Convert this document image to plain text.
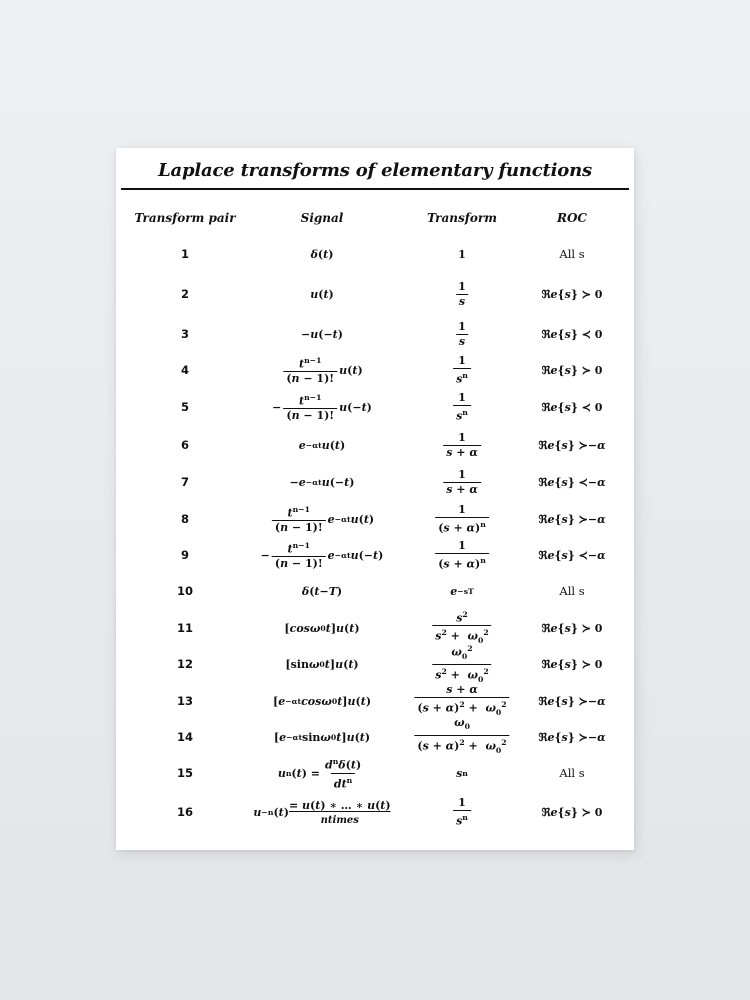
Laplace transforms of elementary functions
Transform pair	Signal	Transform	ROC
1	δ ( t )	1	All s
2	u ( t )	$\frac{1}{s}$	ℜ e { s } ≻ 0
3	− u (− t )	$\frac{1}{s}$	ℜ e { s } ≺ 0
4	$\frac{t^{n-1}}{(n - 1)!}$ u ( t )	$\frac{1}{s^n}$	ℜ e { s } ≻ 0
5	− $\frac{t^{n-1}}{(n - 1)!}$ u (− t )	$\frac{1}{s^n}$	ℜ e { s } ≺ 0
6	e −αt u ( t )	$\frac{1}{s + \alpha}$	ℜ e { s } ≻− α
7	− e −αt u (− t )	$\frac{1}{s + \alpha}$	ℜ e { s } ≺− α
8	$\frac{t^{n-1}}{(n - 1)!}$ e −αt u ( t )	$\frac{1}{(s + \alpha)^n}$	ℜ e { s } ≻− α
9	− $\frac{t^{n-1}}{(n - 1)!}$ e −αt u (− t )	$\frac{1}{(s + \alpha)^n}$	ℜ e { s } ≺− α
10	δ ( t − T )	e −sT	All s
11	[ cos ω 0 t ] u ( t )	$\frac{s^2}{s^2 + \omega_0^2}$	ℜ e { s } ≻ 0
12	[sin ω 0 t ] u ( t )	$\frac{\omega_0^2}{s^2 + \omega_0^2}$	ℜ e { s } ≻ 0
13	[ e −αt cos ω 0 t ] u ( t )	$\frac{s + \alpha}{(s + \alpha)^2 + \omega_0^2}$	ℜ e { s } ≻− α
14	[ e −αt sin ω 0 t ] u ( t )	$\frac{\omega_0}{(s + \alpha)^2 + \omega_0^2}$	ℜ e { s } ≻− α
15	u n ( t ) = $\frac{d^n\delta(t)}{dt^n}$	s n	All s
16	u −n ( t )
= u(t) ∗ … ∗ u(t)
ntimes	$\frac{1}{s^n}$	ℜ e { s } ≻ 0
